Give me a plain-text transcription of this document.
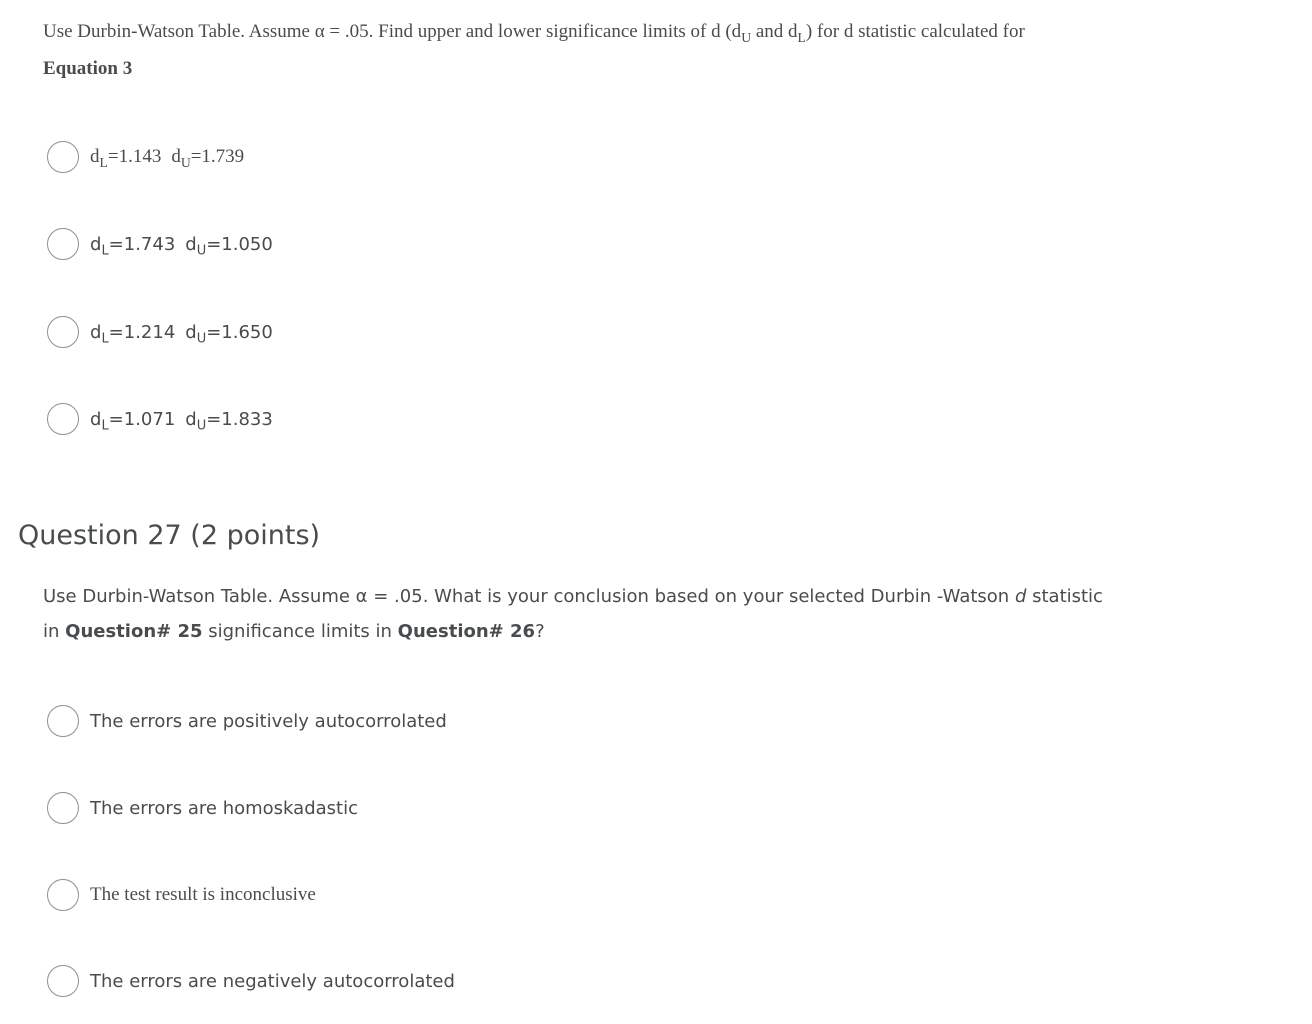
Use Durbin-Watson Table. Assume α = .05. Find upper and lower significance limits of d ($d_U$ and $d_L$) for d statistic calculated for
Equation 3
$d_L=1.143$ $d_U=1.739$
$d_L=1.743$ $d_U=1.050$
$d_L=1.214$ $d_U=1.650$
$d_L=1.071$ $d_U=1.833$
Question 27 (2 points)
Use Durbin-Watson Table. Assume α = .05. What is your conclusion based on your selected Durbin -Watson d statistic
in Question# 25 significance limits in Question# 26?
The errors are positively autocorrolated
The errors are homoskadastic
The test result is inconclusive
The errors are negatively autocorrolated
